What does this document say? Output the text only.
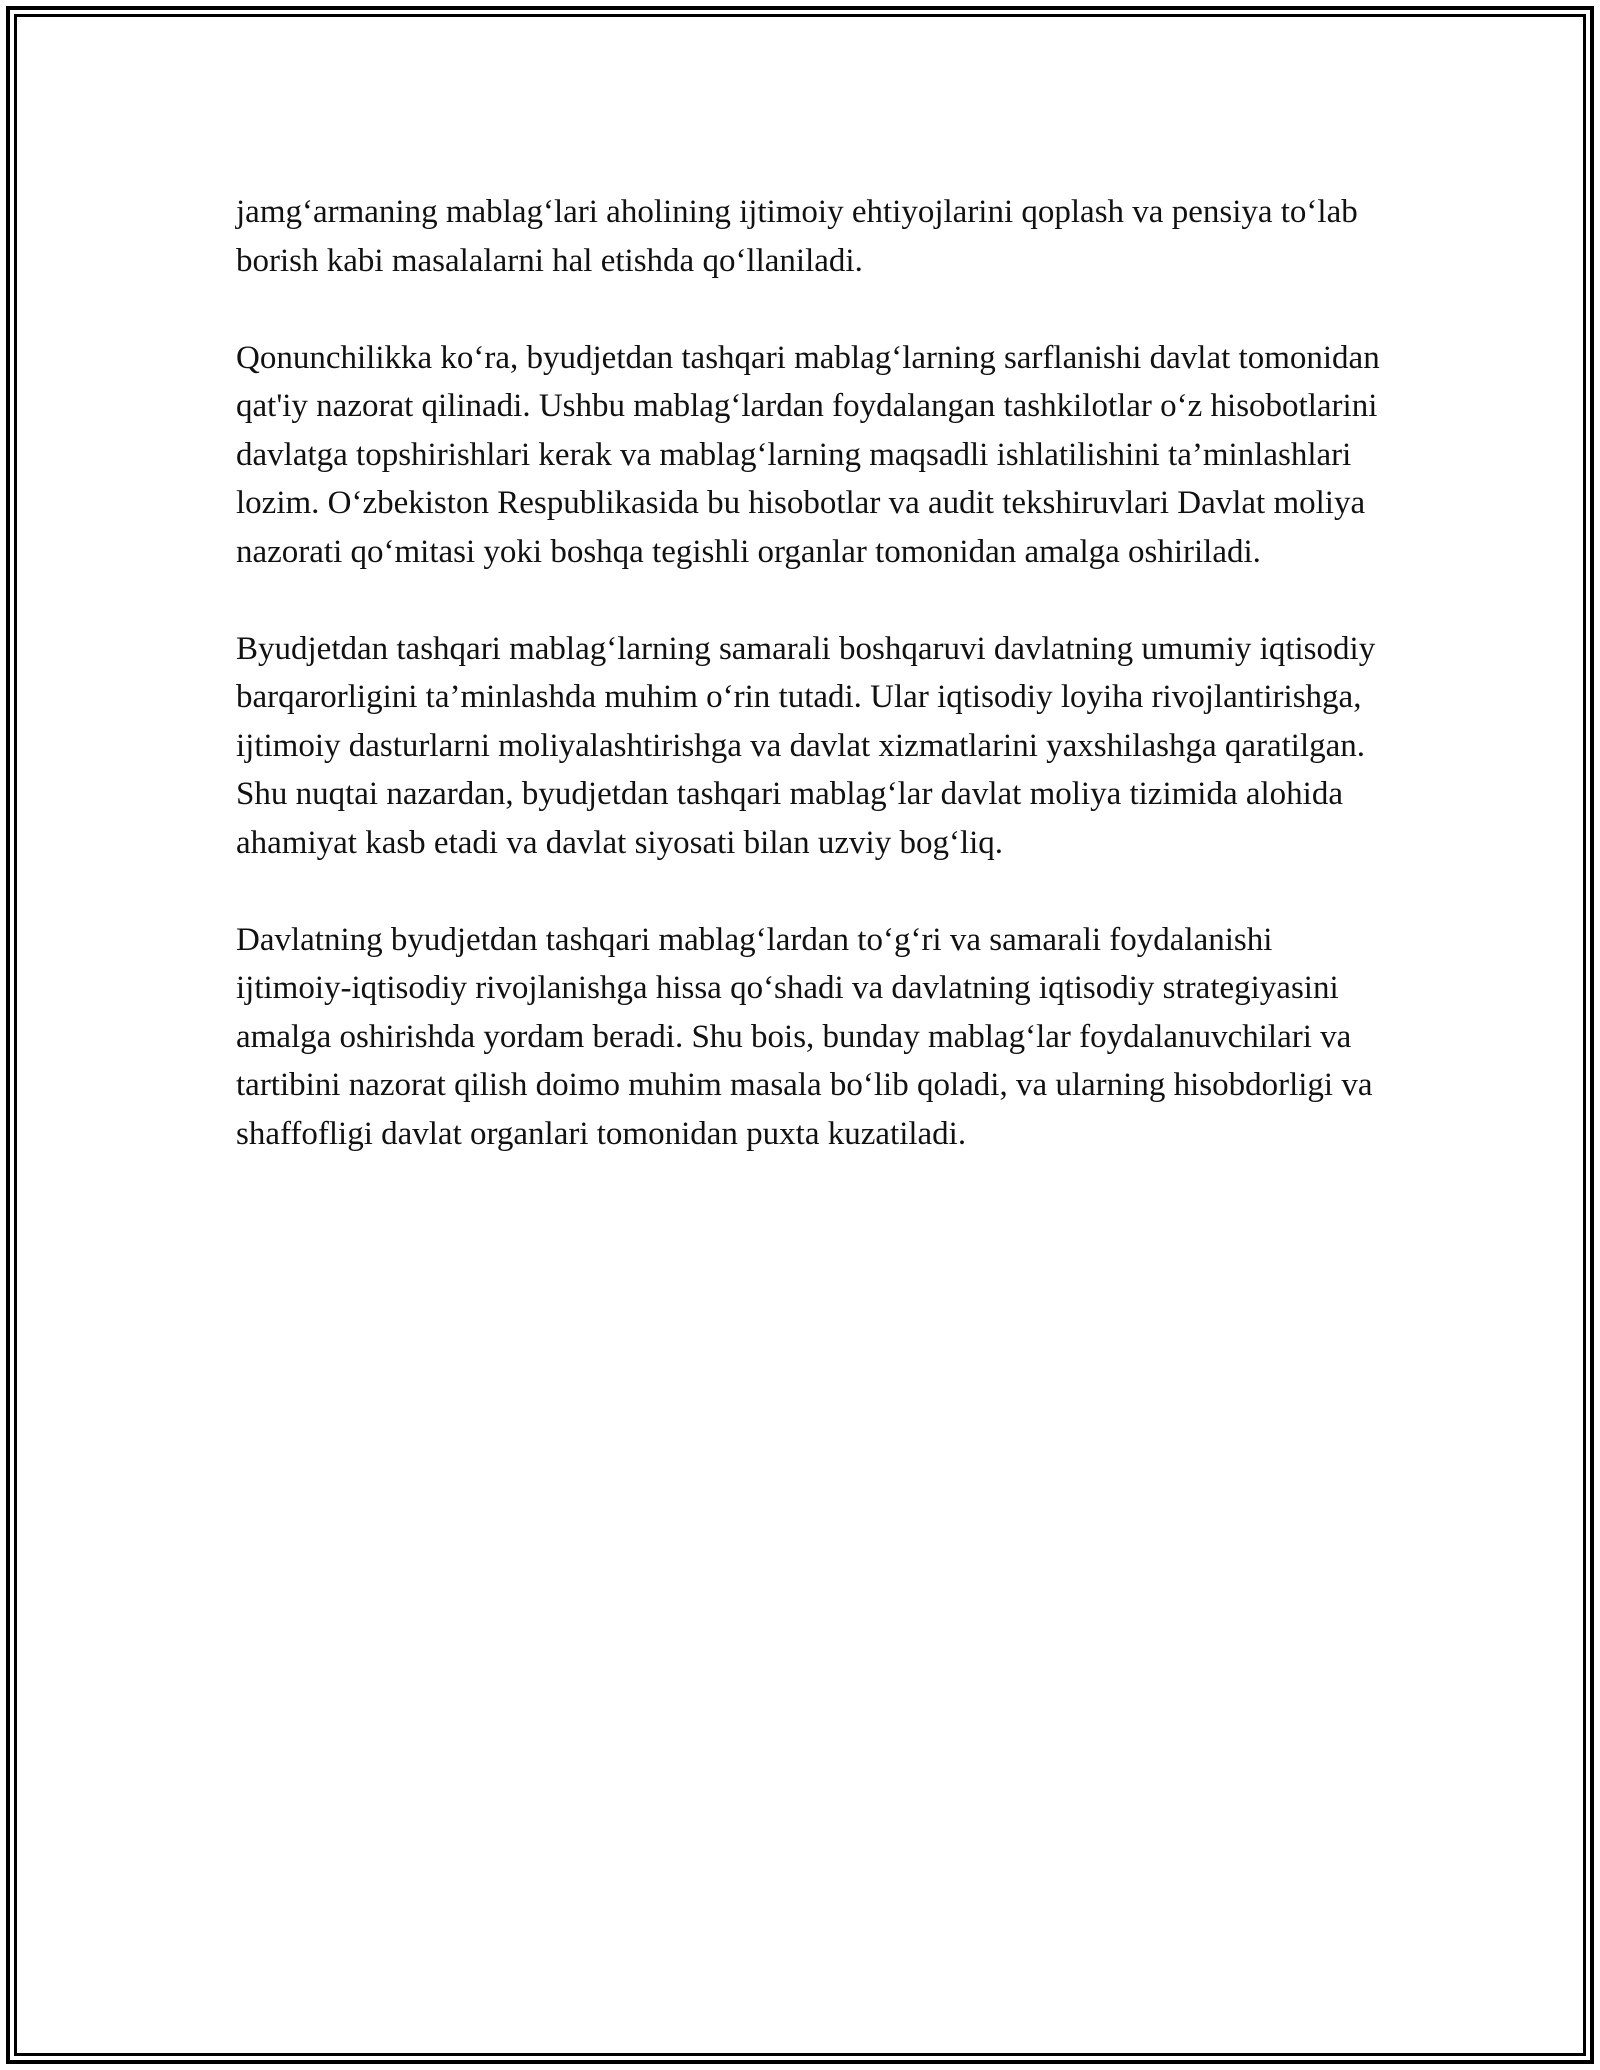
jamg‘armaning mablag‘lari aholining ijtimoiy ehtiyojlarini qoplash va pensiya to‘lab borish kabi masalalarni hal etishda qo‘llaniladi.

Qonunchilikka ko‘ra, byudjetdan tashqari mablag‘larning sarflanishi davlat tomonidan qat'iy nazorat qilinadi. Ushbu mablag‘lardan foydalangan tashkilotlar o‘z hisobotlarini davlatga topshirishlari kerak va mablag‘larning maqsadli ishlatilishini ta’minlashlari lozim. O‘zbekiston Respublikasida bu hisobotlar va audit tekshiruvlari Davlat moliya nazorati qo‘mitasi yoki boshqa tegishli organlar tomonidan amalga oshiriladi.

Byudjetdan tashqari mablag‘larning samarali boshqaruvi davlatning umumiy iqtisodiy barqarorligini ta’minlashda muhim o‘rin tutadi. Ular iqtisodiy loyiha rivojlantirishga, ijtimoiy dasturlarni moliyalashtirishga va davlat xizmatlarini yaxshilashga qaratilgan. Shu nuqtai nazardan, byudjetdan tashqari mablag‘lar davlat moliya tizimida alohida ahamiyat kasb etadi va davlat siyosati bilan uzviy bog‘liq.

Davlatning byudjetdan tashqari mablag‘lardan to‘g‘ri va samarali foydalanishi ijtimoiy-iqtisodiy rivojlanishga hissa qo‘shadi va davlatning iqtisodiy strategiyasini amalga oshirishda yordam beradi. Shu bois, bunday mablag‘lar foydalanuvchilari va tartibini nazorat qilish doimo muhim masala bo‘lib qoladi, va ularning hisobdorligi va shaffofligi davlat organlari tomonidan puxta kuzatiladi.
